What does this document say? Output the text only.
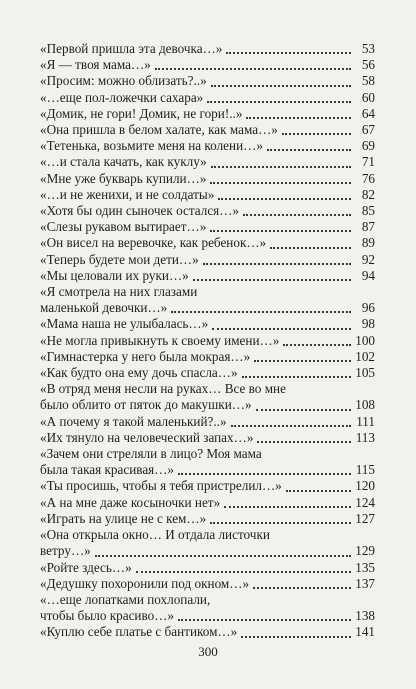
«Первой пришла эта девочка…»	53
«Я — твоя мама…»	56
«Просим: можно облизать?..»	58
«…еще пол-ложечки сахара»	60
«Домик, не гори! Домик, не гори!..»	64
«Она пришла в белом халате, как мама…»	67
«Тетенька, возьмите меня на колени…»	69
«…и стала качать, как куклу»	71
«Мне уже букварь купили…»	76
«…и не женихи, и не солдаты»	82
«Хотя бы один сыночек остался…»	85
«Слезы рукавом вытирает…»	87
«Он висел на веревочке, как ребенок…»	89
«Теперь будете мои дети…»	92
«Мы целовали их руки…»	94
«Я смотрела на них глазами
маленькой девочки…»	96
«Мама наша не улыбалась…»	98
«Не могла привыкнуть к своему имени…»	100
«Гимнастерка у него была мокрая…»	102
«Как будто она ему дочь спасла…»	105
«В отряд меня несли на руках… Все во мне
было облито от пяток до макушки…»	108
«А почему я такой маленький?..»	111
«Их тянуло на человеческий запах…»	113
«Зачем они стреляли в лицо? Моя мама
была такая красивая…»	115
«Ты просишь, чтобы я тебя пристрелил…»	120
«А на мне даже косыночки нет»	124
«Играть на улице не с кем…»	127
«Она открыла окно… И отдала листочки
ветру…»	129
«Ройте здесь…»	135
«Дедушку похоронили под окном…»	137
«…еще лопатками похлопали,
чтобы было красиво…»	138
«Куплю себе платье с бантиком…»	141
300
